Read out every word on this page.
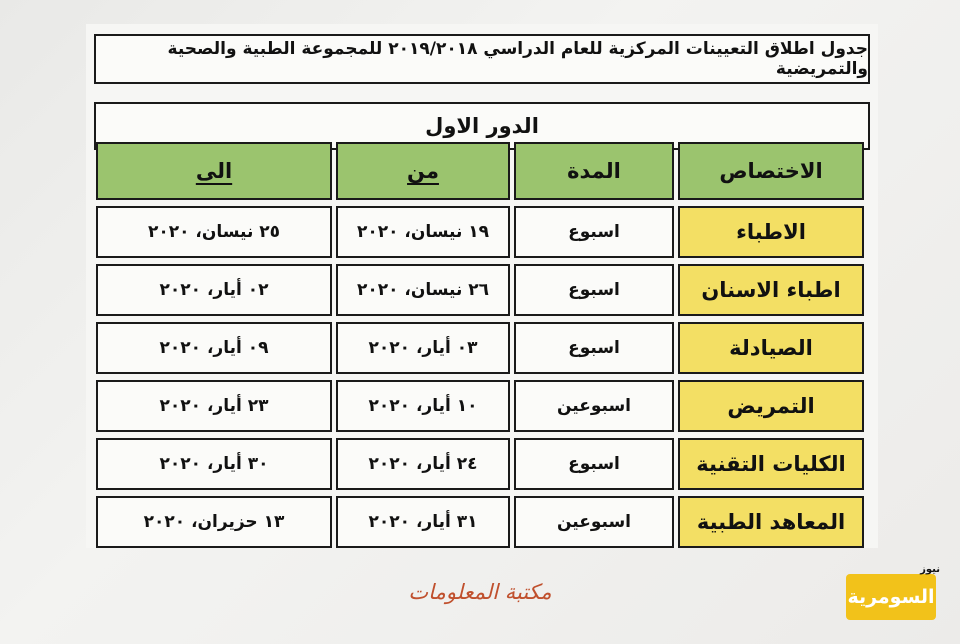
جدول اطلاق التعيينات المركزية للعام الدراسي ٢٠١٩/٢٠١٨ للمجموعة الطبية والصحية والتمريضية
الدور الاول
الاختصاص	المدة	من	الى
الاطباء	اسبوع	١٩ نيسان، ٢٠٢٠	٢٥ نيسان، ٢٠٢٠
اطباء الاسنان	اسبوع	٢٦ نيسان، ٢٠٢٠	٠٢ أيار، ٢٠٢٠
الصيادلة	اسبوع	٠٣ أيار، ٢٠٢٠	٠٩ أيار، ٢٠٢٠
التمريض	اسبوعين	١٠ أيار، ٢٠٢٠	٢٣ أيار، ٢٠٢٠
الكليات التقنية	اسبوع	٢٤ أيار، ٢٠٢٠	٣٠ أيار، ٢٠٢٠
المعاهد الطبية	اسبوعين	٣١ أيار، ٢٠٢٠	١٣ حزيران، ٢٠٢٠
مكتبة المعلومات	السومرية
نيوز
